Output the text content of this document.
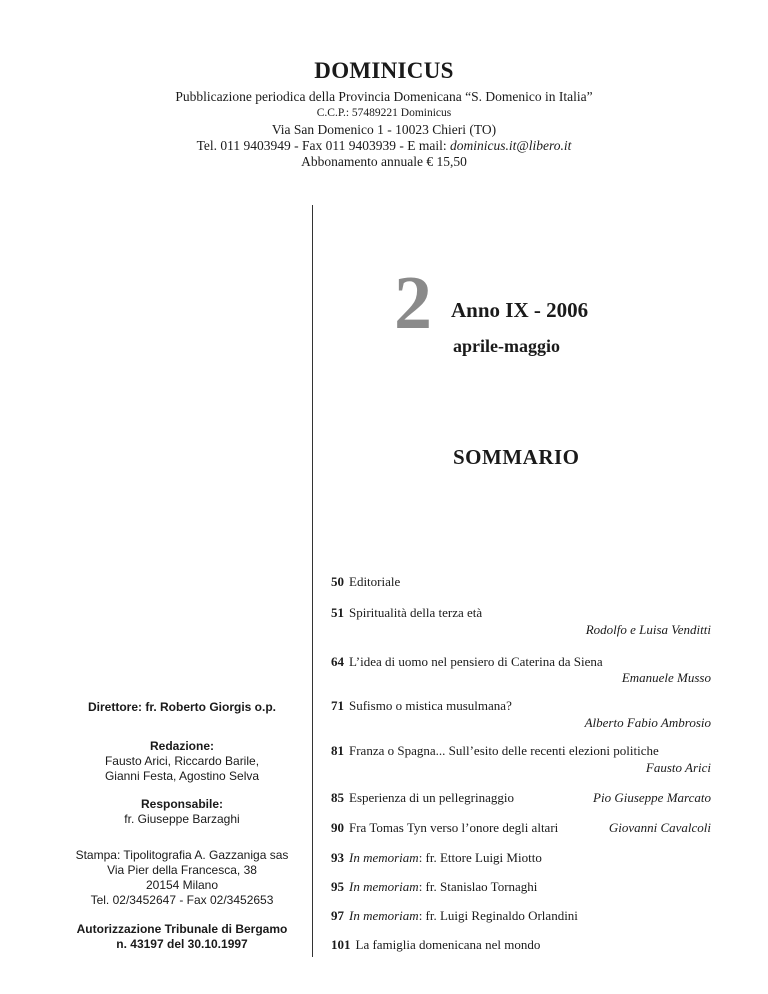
DOMINICUS
Pubblicazione periodica della Provincia Domenicana “S. Domenico in Italia”
C.C.P.: 57489221 Dominicus
Via San Domenico 1 - 10023 Chieri (TO)
Tel. 011 9403949 - Fax 011 9403939 - E mail: dominicus.it@libero.it
Abbonamento annuale € 15,50
2 Anno IX - 2006
aprile-maggio
SOMMARIO
Direttore: fr. Roberto Giorgis o.p.
Redazione:
Fausto Arici, Riccardo Barile,
Gianni Festa, Agostino Selva
Responsabile:
fr. Giuseppe Barzaghi
Stampa: Tipolitografia A. Gazzaniga sas
Via Pier della Francesca, 38
20154 Milano
Tel. 02/3452647 - Fax 02/3452653
Autorizzazione Tribunale di Bergamo
n. 43197 del 30.10.1997
50 Editoriale
51 Spiritualità della terza età
Rodolfo e Luisa Venditti
64 L’idea di uomo nel pensiero di Caterina da Siena
Emanuele Musso
71 Sufismo o mistica musulmana?
Alberto Fabio Ambrosio
81 Franza o Spagna... Sull’esito delle recenti elezioni politiche
Fausto Arici
85 Esperienza di un pellegrinaggio	Pio Giuseppe Marcato
90 Fra Tomas Tyn verso l’onore degli altari	Giovanni Cavalcoli
93 In memoriam: fr. Ettore Luigi Miotto
95 In memoriam: fr. Stanislao Tornaghi
97 In memoriam: fr. Luigi Reginaldo Orlandini
101 La famiglia domenicana nel mondo
